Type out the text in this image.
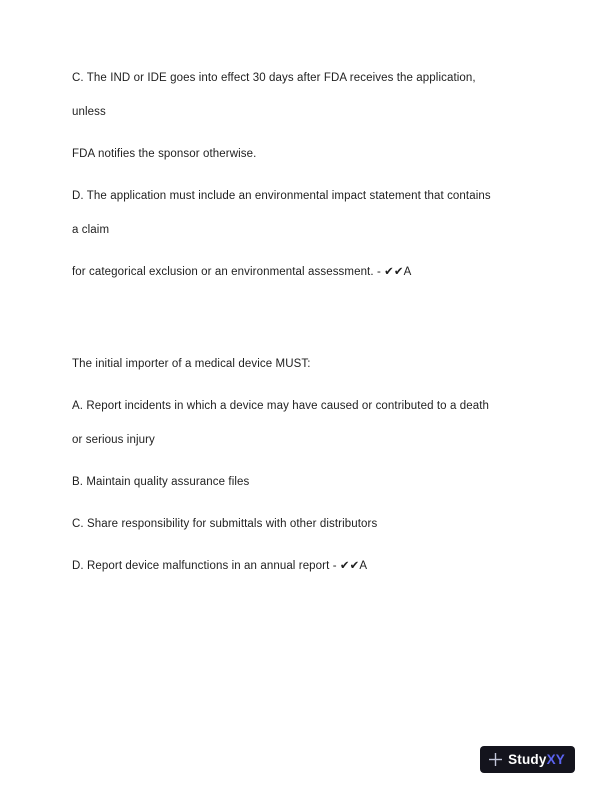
C. The IND or IDE goes into effect 30 days after FDA receives the application,

unless

FDA notifies the sponsor otherwise.

D. The application must include an environmental impact statement that contains

a claim

for categorical exclusion or an environmental assessment. - ✔✔A

The initial importer of a medical device MUST:

A. Report incidents in which a device may have caused or contributed to a death

or serious injury

B. Maintain quality assurance files

C. Share responsibility for submittals with other distributors

D. Report device malfunctions in an annual report - ✔✔A

StudyXY
